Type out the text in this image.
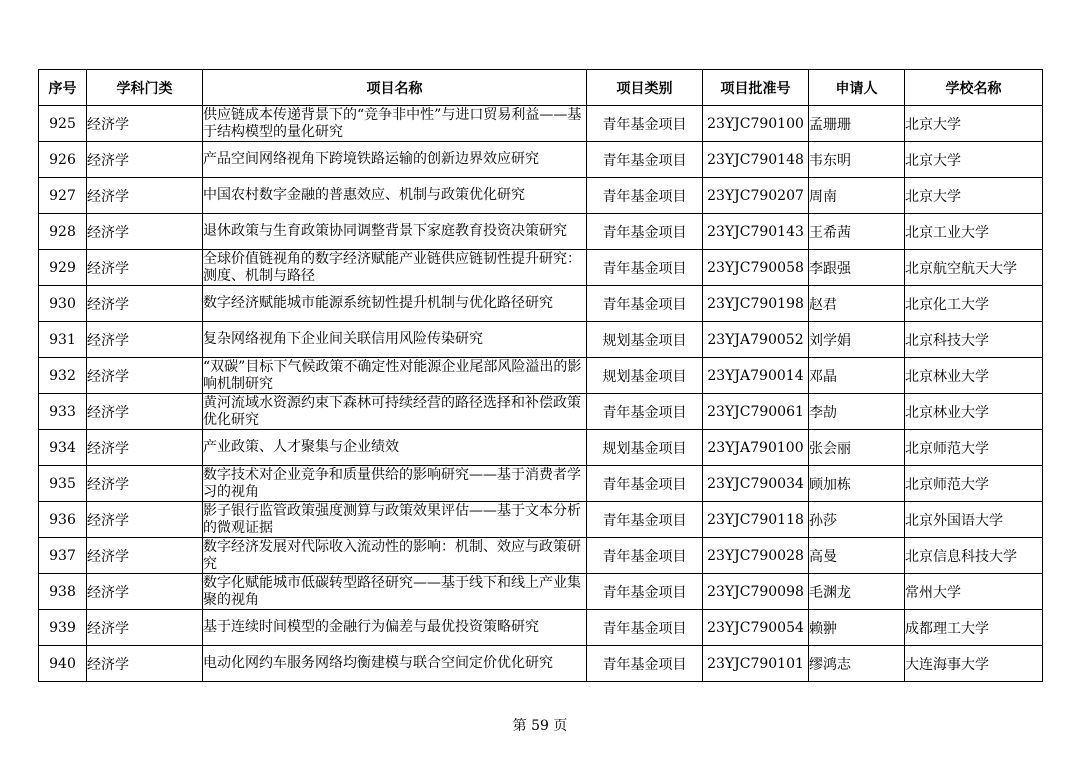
序号	学科门类	项目名称	项目类别	项目批准号	申请人	学校名称
925	经济学	供应链成本传递背景下的“竞争非中性”与进口贸易利益——基于结构模型的量化研究	青年基金项目	23YJC790100	孟珊珊	北京大学
926	经济学	产品空间网络视角下跨境铁路运输的创新边界效应研究	青年基金项目	23YJC790148	韦东明	北京大学
927	经济学	中国农村数字金融的普惠效应、机制与政策优化研究	青年基金项目	23YJC790207	周南	北京大学
928	经济学	退休政策与生育政策协同调整背景下家庭教育投资决策研究	青年基金项目	23YJC790143	王希茜	北京工业大学
929	经济学	全球价值链视角的数字经济赋能产业链供应链韧性提升研究：测度、机制与路径	青年基金项目	23YJC790058	李跟强	北京航空航天大学
930	经济学	数字经济赋能城市能源系统韧性提升机制与优化路径研究	青年基金项目	23YJC790198	赵君	北京化工大学
931	经济学	复杂网络视角下企业间关联信用风险传染研究	规划基金项目	23YJA790052	刘学娟	北京科技大学
932	经济学	“双碳”目标下气候政策不确定性对能源企业尾部风险溢出的影响机制研究	规划基金项目	23YJA790014	邓晶	北京林业大学
933	经济学	黄河流域水资源约束下森林可持续经营的路径选择和补偿政策优化研究	青年基金项目	23YJC790061	李劼	北京林业大学
934	经济学	产业政策、人才聚集与企业绩效	规划基金项目	23YJA790100	张会丽	北京师范大学
935	经济学	数字技术对企业竞争和质量供给的影响研究——基于消费者学习的视角	青年基金项目	23YJC790034	顾加栋	北京师范大学
936	经济学	影子银行监管政策强度测算与政策效果评估——基于文本分析的微观证据	青年基金项目	23YJC790118	孙莎	北京外国语大学
937	经济学	数字经济发展对代际收入流动性的影响：机制、效应与政策研究	青年基金项目	23YJC790028	高曼	北京信息科技大学
938	经济学	数字化赋能城市低碳转型路径研究——基于线下和线上产业集聚的视角	青年基金项目	23YJC790098	毛渊龙	常州大学
939	经济学	基于连续时间模型的金融行为偏差与最优投资策略研究	青年基金项目	23YJC790054	赖翀	成都理工大学
940	经济学	电动化网约车服务网络均衡建模与联合空间定价优化研究	青年基金项目	23YJC790101	缪鸿志	大连海事大学
第 59 页
